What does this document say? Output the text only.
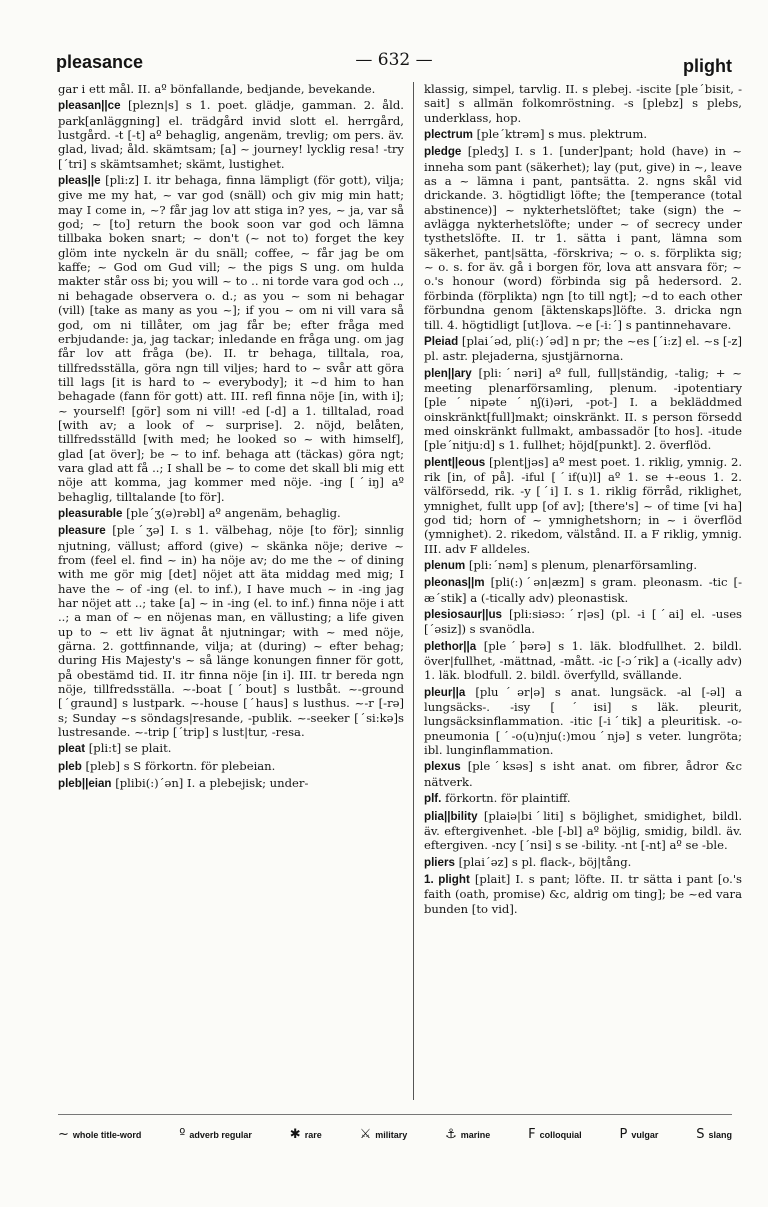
pleasance	— 632 —	plight
gar i ett mål. II. aº bönfallande, bedjande, bevekande.
pleasan||ce [plezn|s] s 1. poet. glädje, gamman. 2. åld. park[anläggning] el. trädgård invid slott el. herrgård, lustgård. -t [-t] aº behaglig, angenäm, trevlig; om pers. äv. glad, livad; åld. skämtsam; [a] ~ journey! lycklig resa! -try [ˊtri] s skämtsamhet; skämt, lustighet.
pleas||e [pli:z] I. itr behaga, finna lämpligt (för gott), vilja; give me my hat, ~ var god (snäll) och giv mig min hatt; may I come in, ~? får jag lov att stiga in? yes, ~ ja, var så god; ~ [to] return the book soon var god och lämna tillbaka boken snart; ~ don't (~ not to) forget the key glöm inte nyckeln är du snäll; coffee, ~ får jag be om kaffe; ~ God om Gud vill; ~ the pigs S ung. om hulda makter står oss bi; you will ~ to .. ni torde vara god och .., ni behagade observera o. d.; as you ~ som ni behagar (vill) [take as many as you ~]; if you ~ om ni vill vara så god, om ni tillåter, om jag får be; efter fråga med erbjudande: ja, jag tackar; inledande en fråga ung. om jag får lov att fråga (be). II. tr behaga, tilltala, roa, tillfredsställa, göra ngn till viljes; hard to ~ svår att göra till lags [it is hard to ~ everybody]; it ~d him to han behagade (fann för gott) att. III. refl finna nöje [in, with i]; ~ yourself! [gör] som ni vill! -ed [-d] a 1. tilltalad, road [with av; a look of ~ surprise]. 2. nöjd, belåten, tillfredsställd [with med; he looked so ~ with himself], glad [at över]; be ~ to inf. behaga att (täckas) göra ngt; vara glad att få ..; I shall be ~ to come det skall bli mig ett nöje att komma, jag kommer med nöje. -ing [ˊiŋ] aº behaglig, tilltalande [to för].
pleasurable [pleˊʒ(ə)rəbl] aº angenäm, behaglig.
pleasure [pleˊʒə] I. s 1. välbehag, nöje [to för]; sinnlig njutning, vällust; afford (give) ~ skänka nöje; derive ~ from (feel el. find ~ in) ha nöje av; do me the ~ of dining with me gör mig [det] nöjet att äta middag med mig; I have the ~ of -ing (el. to inf.), I have much ~ in -ing jag har nöjet att ..; take [a] ~ in -ing (el. to inf.) finna nöje i att ..; a man of ~ en nöjenas man, en vällusting; a life given up to ~ ett liv ägnat åt njutningar; with ~ med nöje, gärna. 2. gottfinnande, vilja; at (during) ~ efter behag; during His Majesty's ~ så länge konungen finner för gott, på obestämd tid. II. itr finna nöje [in i]. III. tr bereda ngn nöje, tillfredsställa. ~-boat [ˊbout] s lustbåt. ~-ground [ˊgraund] s lustpark. ~-house [ˊhaus] s lusthus. ~-r [-rə] s; Sunday ~s söndags|resande, -publik. ~-seeker [ˊsi:kə]s lustresande. ~-trip [ˊtrip] s lust|tur, -resa.
pleat [pli:t] se plait.
pleb [pleb] s S förkortn. för plebeian.
pleb||eian [plibi(:)ˊən] I. a plebejisk; under-
klassig, simpel, tarvlig. II. s plebej. -iscite [pleˊbisit, -sait] s allmän folkomröstning. -s [plebz] s plebs, underklass, hop.
plectrum [pleˊktrəm] s mus. plektrum.
pledge [pledʒ] I. s 1. [under]pant; hold (have) in ~ inneha som pant (säkerhet); lay (put, give) in ~, leave as a ~ lämna i pant, pantsätta. 2. ngns skål vid drickande. 3. högtidligt löfte; the [temperance (total abstinence)] ~ nykterhetslöftet; take (sign) the ~ avlägga nykterhetslöfte; under ~ of secrecy under tysthetslöfte. II. tr 1. sätta i pant, lämna som säkerhet, pant|sätta, -förskriva; ~ o. s. förplikta sig; ~ o. s. for äv. gå i borgen för, lova att ansvara för; ~ o.'s honour (word) förbinda sig på hedersord. 2. förbinda (förplikta) ngn [to till ngt]; ~d to each other förbundna genom [äktenskaps]löfte. 3. dricka ngn till. 4. högtidligt [ut]lova. ~e [-iːˊ] s pantinnehavare.
Pleiad [plaiˊəd, pli(:)ˊəd] n pr; the ~es [ˊi:z] el. ~s [-z] pl. astr. plejaderna, sjustjärnorna.
plen||ary [pli:ˊnəri] aº full, full|ständig, -talig; + ~ meeting plenarförsamling, plenum. -ipotentiary [pleˊnipəteˊnʃ(i)əri, -pot-] I. a bekläddmed oinskränkt[full]makt; oinskränkt. II. s person försedd med oinskränkt fullmakt, ambassadör [to hos]. -itude [pleˊnitju:d] s 1. fullhet; höjd[punkt]. 2. överflöd.
plent||eous [plent|jəs] aº mest poet. 1. riklig, ymnig. 2. rik [in, of på]. -iful [ˊif(u)l] aº 1. se +-eous 1. 2. välförsedd, rik. -y [ˊi] I. s 1. riklig förråd, riklighet, ymnighet, fullt upp [of av]; [there's] ~ of time [vi ha] god tid; horn of ~ ymnighetshorn; in ~ i överflöd (ymnighet). 2. rikedom, välstånd. II. a F riklig, ymnig. III. adv F alldeles.
plenum [pli:ˊnəm] s plenum, plenarförsamling.
pleonas||m [pli(:)ˊən|æzm] s gram. pleonasm. -tic [-æˊstik] a (-tically adv) pleonastisk.
plesiosaur||us [pli:siəsɔ:ˊr|əs] (pl. -i [ˊai] el. -uses [ˊəsiz]) s svanödla.
plethor||a [pleˊþərə] s 1. läk. blodfullhet. 2. bildl. över|fullhet, -mättnad, -mått. -ic [-ɔˊrik] a (-ically adv) 1. läk. blodfull. 2. bildl. överfylld, svällande.
pleur||a [pluˊər|ə] s anat. lungsäck. -al [-əl] a lungsäcks-. -isy [ˊisi] s läk. pleurit, lungsäcksinflammation. -itic [-iˊtik] a pleuritisk. -o-pneumonia [ˊ-o(u)nju(:)mouˊnjə] s veter. lungröta; ibl. lunginflammation.
plexus [pleˊksəs] s isht anat. om fibrer, ådror &c nätverk.
plf. förkortn. för plaintiff.
plia||bility [plaiə|biˊliti] s böjlighet, smidighet, bildl. äv. eftergivenhet. -ble [-bl] aº böjlig, smidig, bildl. äv. eftergiven. -ncy [ˊnsi] s se -bility. -nt [-nt] aº se -ble.
pliers [plaiˊəz] s pl. flack-, böj|tång.
1. plight [plait] I. s pant; löfte. II. tr sätta i pant [o.'s faith (oath, promise) &c, aldrig om ting]; be ~ed vara bunden [to vid].
~ whole title-word	º adverb regular	✱ rare	⚔ military	⚓ marine	F colloquial	P vulgar	S slang
